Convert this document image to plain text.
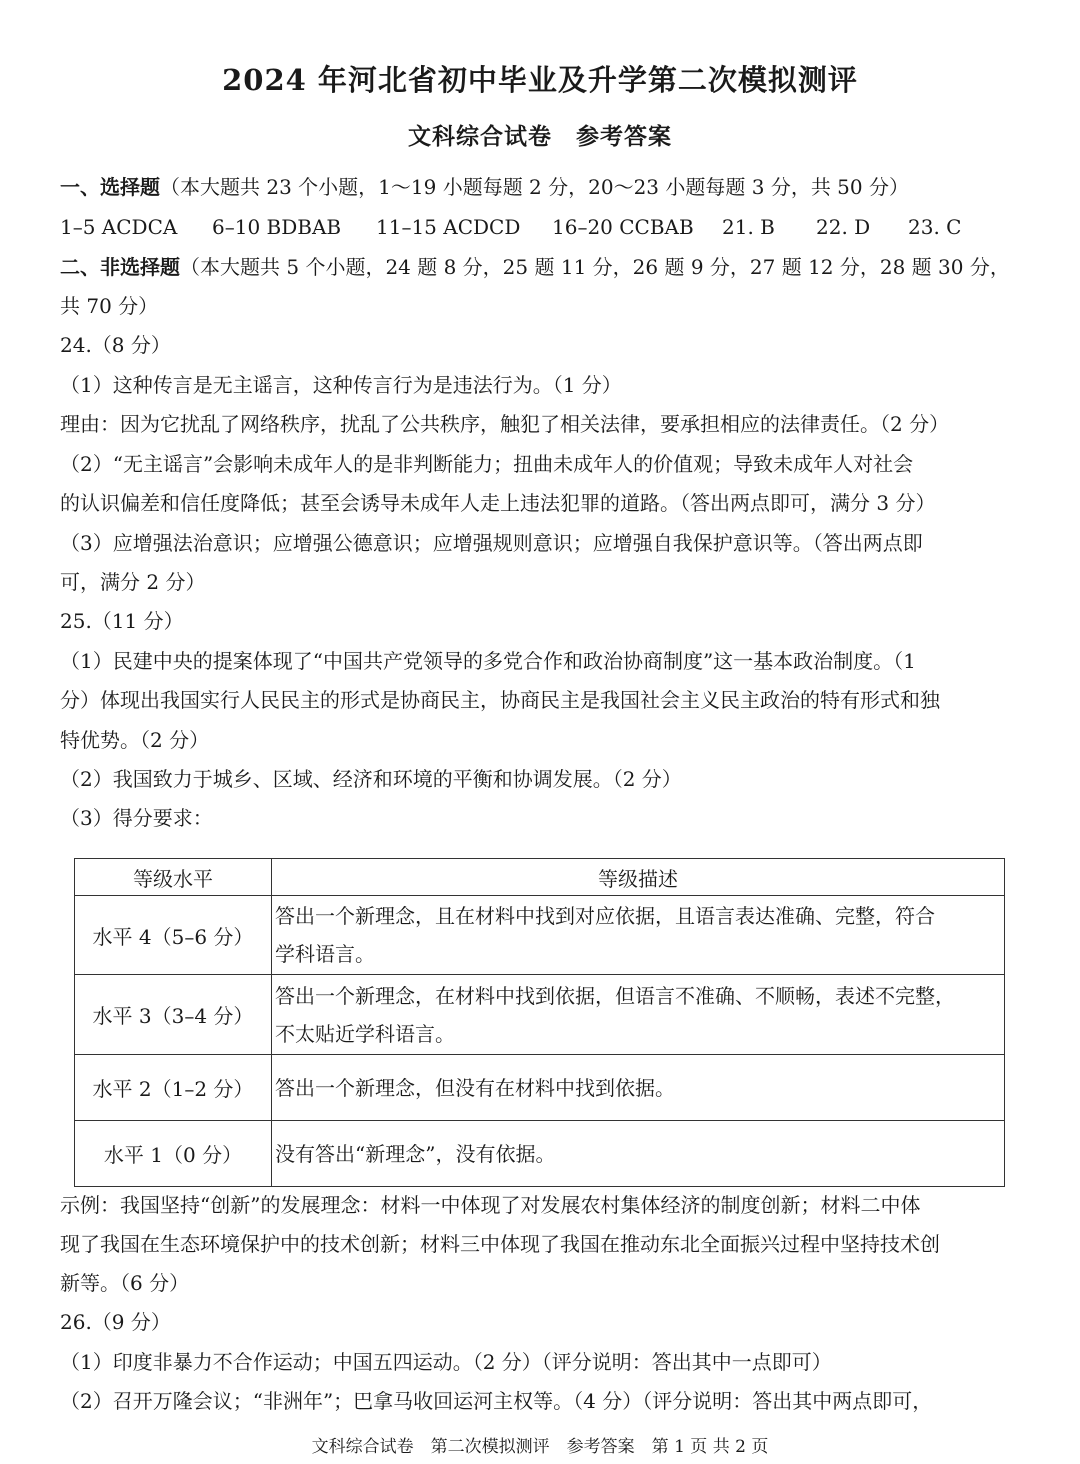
2024 年河北省初中毕业及升学第二次模拟测评
文科综合试卷 参考答案
一、选择题（本大题共 23 个小题，1～19 小题每题 2 分，20～23 小题每题 3 分，共 50 分）
1–5 ACDCA 6–10 BDBAB 11–15 ACDCD 16–20 CCBAB 21. B 22. D 23. C
二、非选择题（本大题共 5 个小题，24 题 8 分，25 题 11 分，26 题 9 分，27 题 12 分，28 题 30 分，
共 70 分）
24.（8 分）
（1）这种传言是无主谣言，这种传言行为是违法行为。（1 分）
理由：因为它扰乱了网络秩序，扰乱了公共秩序，触犯了相关法律，要承担相应的法律责任。（2 分）
（2）“无主谣言”会影响未成年人的是非判断能力；扭曲未成年人的价值观；导致未成年人对社会
的认识偏差和信任度降低；甚至会诱导未成年人走上违法犯罪的道路。（答出两点即可，满分 3 分）
（3）应增强法治意识；应增强公德意识；应增强规则意识；应增强自我保护意识等。（答出两点即
可，满分 2 分）
25.（11 分）
（1）民建中央的提案体现了“中国共产党领导的多党合作和政治协商制度”这一基本政治制度。（1
分）体现出我国实行人民民主的形式是协商民主，协商民主是我国社会主义民主政治的特有形式和独
特优势。（2 分）
（2）我国致力于城乡、区域、经济和环境的平衡和协调发展。（2 分）
（3）得分要求：
等级水平	等级描述
水平 4（5–6 分）	答出一个新理念，且在材料中找到对应依据，且语言表达准确、完整，符合
学科语言。

水平 3（3–4 分）	答出一个新理念，在材料中找到依据，但语言不准确、不顺畅，表述不完整，
不太贴近学科语言。

水平 2（1–2 分）	答出一个新理念，但没有在材料中找到依据。
水平 1（0 分）	没有答出“新理念”，没有依据。
示例：我国坚持“创新”的发展理念：材料一中体现了对发展农村集体经济的制度创新；材料二中体
现了我国在生态环境保护中的技术创新；材料三中体现了我国在推动东北全面振兴过程中坚持技术创
新等。（6 分）
26.（9 分）
（1）印度非暴力不合作运动；中国五四运动。（2 分）（评分说明：答出其中一点即可）
（2）召开万隆会议；“非洲年”；巴拿马收回运河主权等。（4 分）（评分说明：答出其中两点即可，
文科综合试卷　第二次模拟测评　参考答案　第 1 页 共 2 页
